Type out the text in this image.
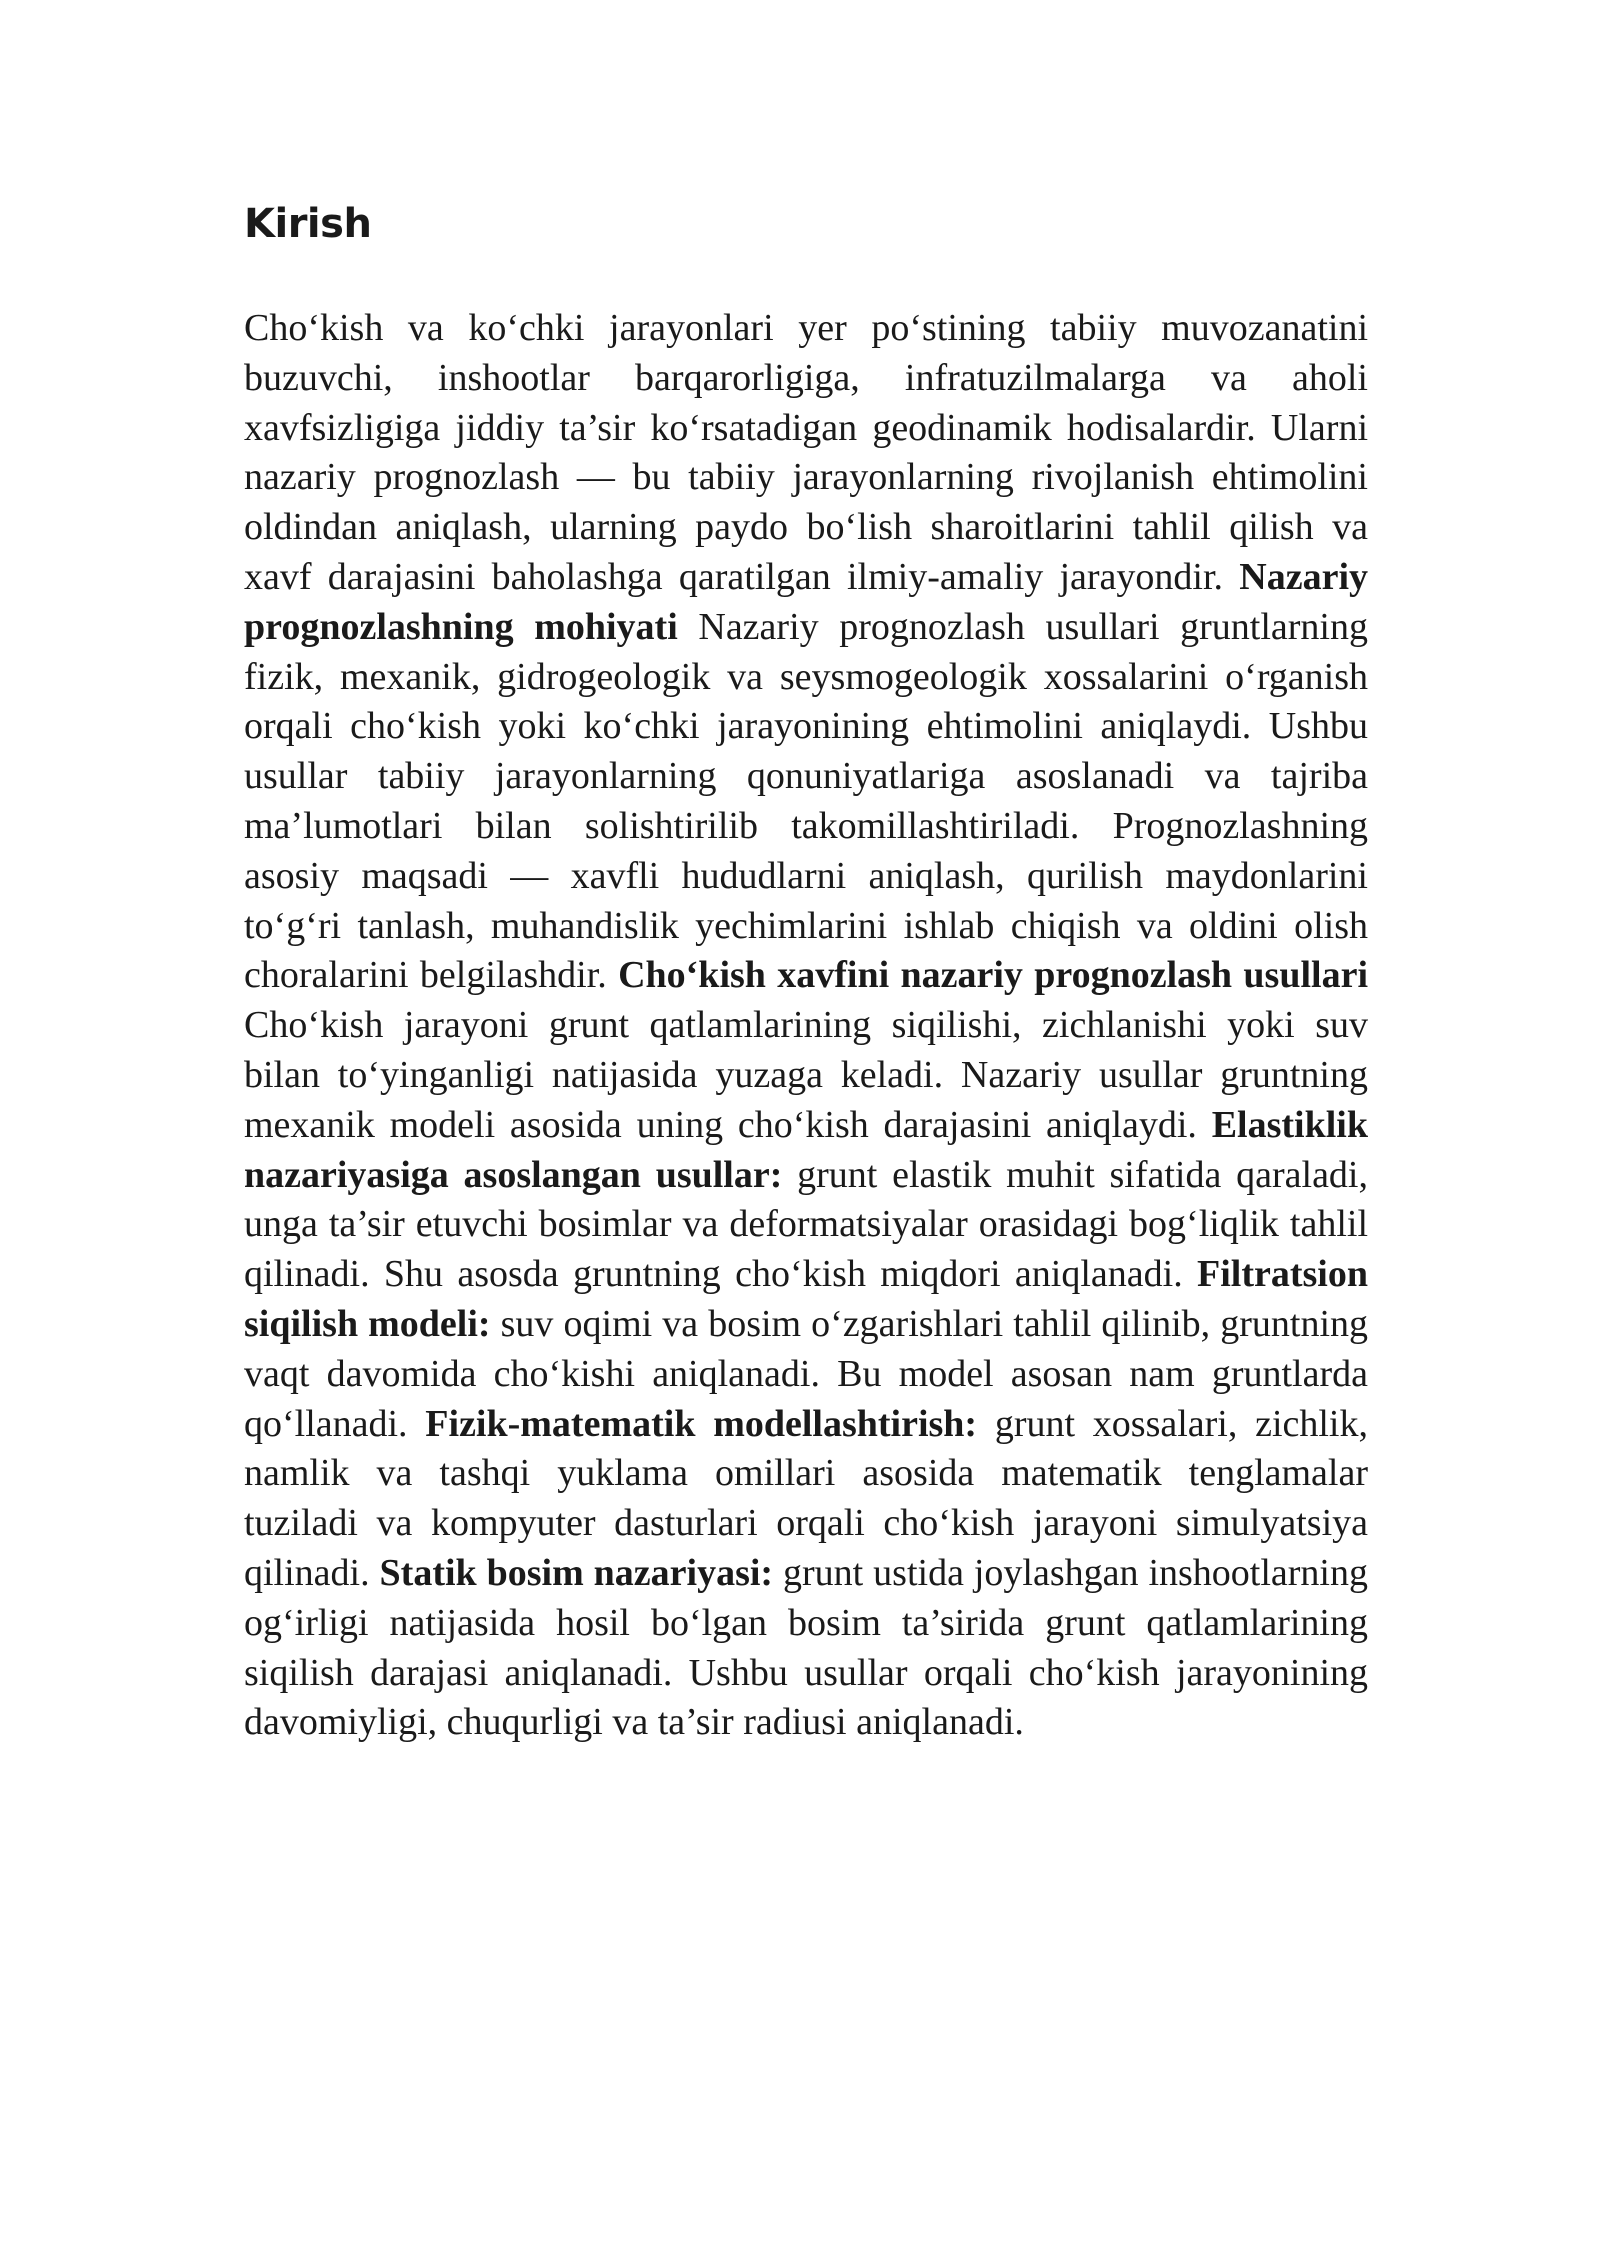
Kirish

Cho‘kish va ko‘chki jarayonlari yer po‘stining tabiiy muvozanatini buzuvchi, inshootlar barqarorligiga, infratuzilmalarga va aholi xavfsizligiga jiddiy ta’sir ko‘rsatadigan geodinamik hodisalardir. Ularni nazariy prognozlash — bu tabiiy jarayonlarning rivojlanish ehtimolini oldindan aniqlash, ularning paydo bo‘lish sharoitlarini tahlil qilish va xavf darajasini baholashga qaratilgan ilmiy-amaliy jarayondir. Nazariy prognozlashning mohiyati Nazariy prognozlash usullari gruntlarning fizik, mexanik, gidrogeologik va seysmogeologik xossalarini o‘rganish orqali cho‘kish yoki ko‘chki jarayonining ehtimolini aniqlaydi. Ushbu usullar tabiiy jarayonlarning qonuniyatlariga asoslanadi va tajriba ma’lumotlari bilan solishtirilib takomillashtiriladi. Prognozlashning asosiy maqsadi — xavfli hududlarni aniqlash, qurilish maydonlarini to‘g‘ri tanlash, muhandislik yechimlarini ishlab chiqish va oldini olish choralarini belgilashdir. Cho‘kish xavfini nazariy prognozlash usullari Cho‘kish jarayoni grunt qatlamlarining siqilishi, zichlanishi yoki suv bilan to‘yinganligi natijasida yuzaga keladi. Nazariy usullar gruntning mexanik modeli asosida uning cho‘kish darajasini aniqlaydi. Elastiklik nazariyasiga asoslangan usullar: grunt elastik muhit sifatida qaraladi, unga ta’sir etuvchi bosimlar va deformatsiyalar orasidagi bog‘liqlik tahlil qilinadi. Shu asosda gruntning cho‘kish miqdori aniqlanadi. Filtratsion siqilish modeli: suv oqimi va bosim o‘zgarishlari tahlil qilinib, gruntning vaqt davomida cho‘kishi aniqlanadi. Bu model asosan nam gruntlarda qo‘llanadi. Fizik-matematik modellashtirish: grunt xossalari, zichlik, namlik va tashqi yuklama omillari asosida matematik tenglamalar tuziladi va kompyuter dasturlari orqali cho‘kish jarayoni simulyatsiya qilinadi. Statik bosim nazariyasi: grunt ustida joylashgan inshootlarning og‘irligi natijasida hosil bo‘lgan bosim ta’sirida grunt qatlamlarining siqilish darajasi aniqlanadi. Ushbu usullar orqali cho‘kish jarayonining davomiyligi, chuqurligi va ta’sir radiusi aniqlanadi.
